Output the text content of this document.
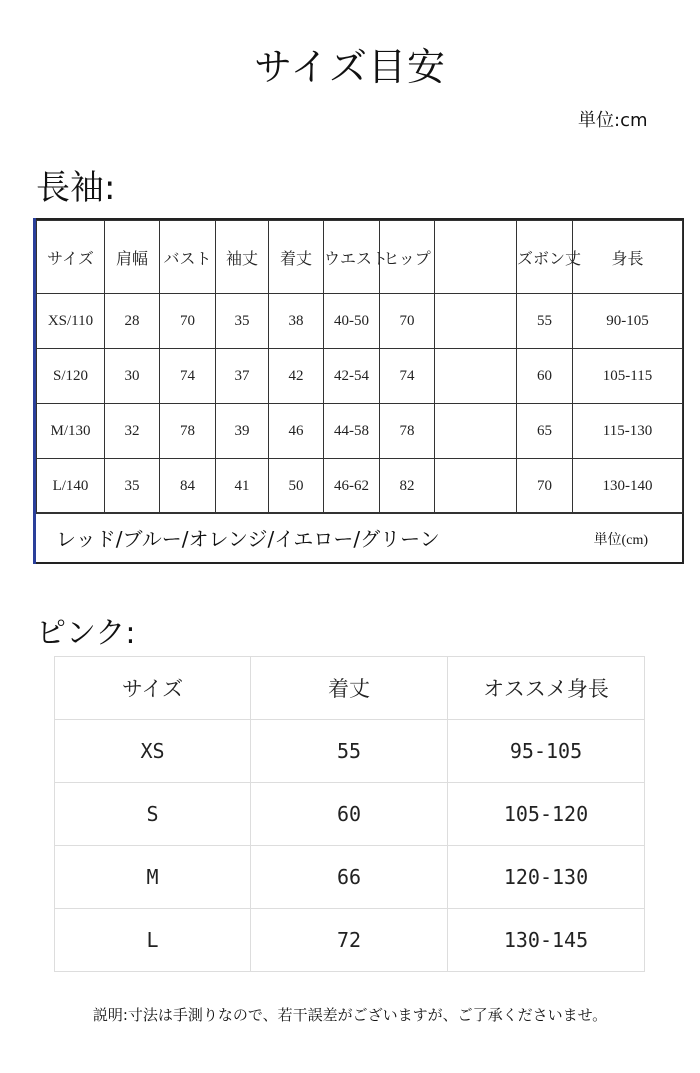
サイズ目安
単位:cm
長袖:
サイズ	肩幅	バスト	袖丈	着丈	ウエスト	ヒップ		ズボン丈	身長
XS/110	28	70	35	38	40-50	70		55	90-105
S/120	30	74	37	42	42-54	74		60	105-115
M/130	32	78	39	46	44-58	78		65	115-130
L/140	35	84	41	50	46-62	82		70	130-140
レッド/ブルー/オレンジ/イエロー/グリーン	単位(cm)
ピンク:
サイズ	着丈	オススメ身長
XS	55	95-105
S	60	105-120
M	66	120-130
L	72	130-145
説明:寸法は手測りなので、若干誤差がございますが、ご了承くださいませ。
